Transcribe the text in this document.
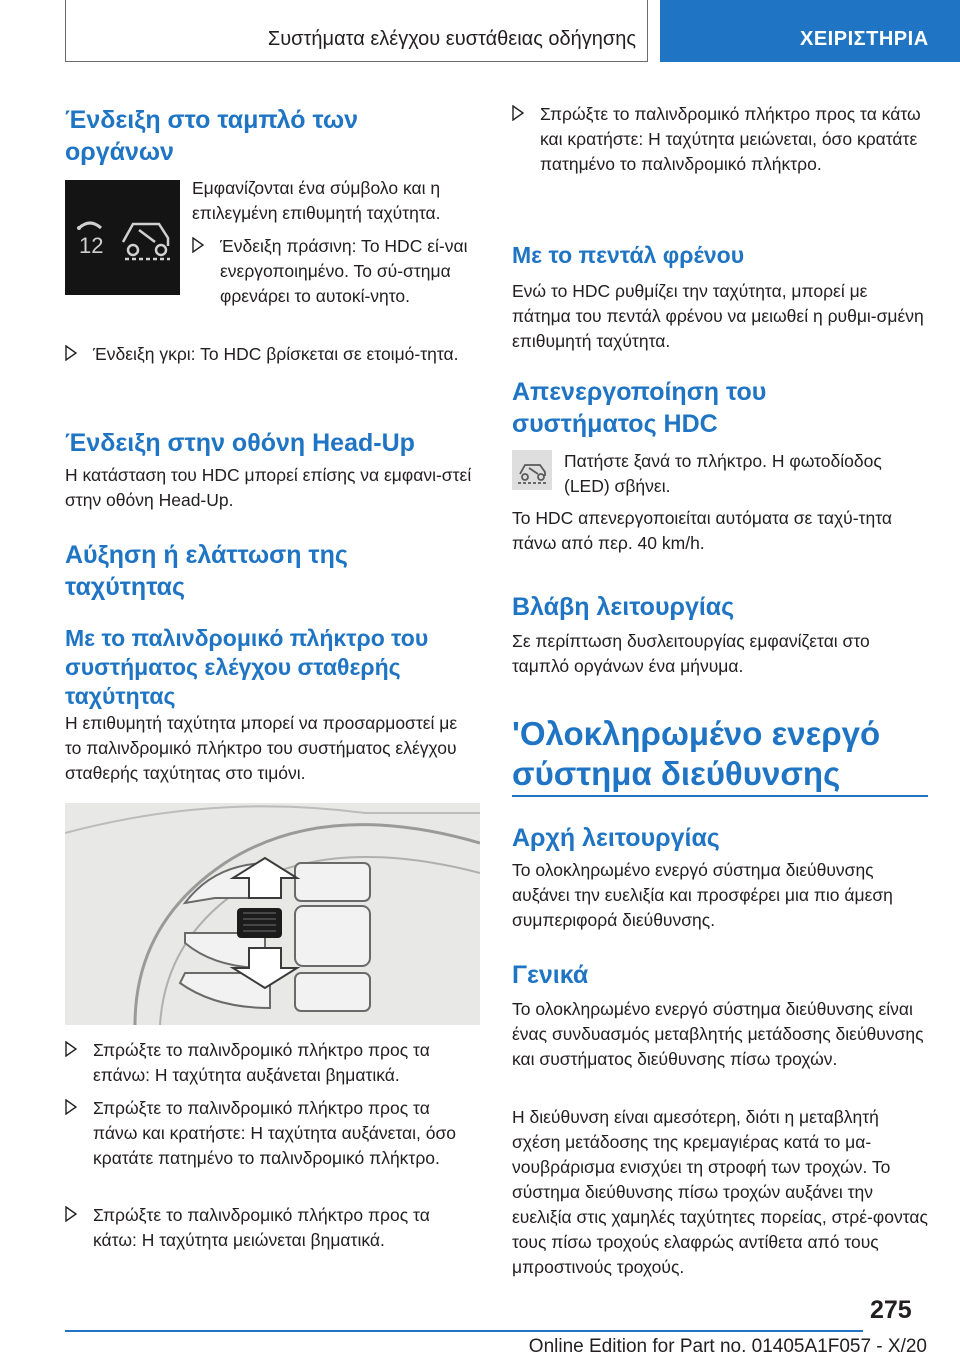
Συστήματα ελέγχου ευστάθειας οδήγησης	ΧΕΙΡΙΣΤΗΡΙΑ
Ένδειξη στο ταμπλό των οργάνων
12

Εμφανίζονται ένα σύμβολο και η επιλεγμένη επιθυμητή ταχύτητα.

Ένδειξη πράσινη: Το HDC εί-ναι ενεργοποιημένο. Το σύ-στημα φρενάρει το αυτοκί-νητο.
Ένδειξη γκρι: Το HDC βρίσκεται σε ετοιμό-τητα.
Ένδειξη στην οθόνη Head-Up

Η κατάσταση του HDC μπορεί επίσης να εμφανι-στεί στην οθόνη Head-Up.

Αύξηση ή ελάττωση της ταχύτητας
Με το παλινδρομικό πλήκτρο του συστήματος ελέγχου σταθερής ταχύτητας

Η επιθυμητή ταχύτητα μπορεί να προσαρμοστεί με το παλινδρομικό πλήκτρο του συστήματος ελέγχου σταθερής ταχύτητας στο τιμόνι.

Σπρώξτε το παλινδρομικό πλήκτρο προς τα επάνω: Η ταχύτητα αυξάνεται βηματικά.
Σπρώξτε το παλινδρομικό πλήκτρο προς τα πάνω και κρατήστε: Η ταχύτητα αυξάνεται, όσο κρατάτε πατημένο το παλινδρομικό πλήκτρο.
Σπρώξτε το παλινδρομικό πλήκτρο προς τα κάτω: Η ταχύτητα μειώνεται βηματικά.
Σπρώξτε το παλινδρομικό πλήκτρο προς τα κάτω και κρατήστε: Η ταχύτητα μειώνεται, όσο κρατάτε πατημένο το παλινδρομικό πλήκτρο.
Με το πεντάλ φρένου

Ενώ το HDC ρυθμίζει την ταχύτητα, μπορεί με πάτημα του πεντάλ φρένου να μειωθεί η ρυθμι-σμένη επιθυμητή ταχύτητα.

Απενεργοποίηση του συστήματος HDC

Πατήστε ξανά το πλήκτρο. Η φωτοδίοδος (LED) σβήνει.

Το HDC απενεργοποιείται αυτόματα σε ταχύ-τητα πάνω από περ. 40 km/h.

Βλάβη λειτουργίας

Σε περίπτωση δυσλειτουργίας εμφανίζεται στο ταμπλό οργάνων ένα μήνυμα.

'Ολοκληρωμένο ενεργό σύστημα διεύθυνσης
Αρχή λειτουργίας

Το ολοκληρωμένο ενεργό σύστημα διεύθυνσης αυξάνει την ευελιξία και προσφέρει μια πιο άμεση συμπεριφορά διεύθυνσης.

Γενικά

Το ολοκληρωμένο ενεργό σύστημα διεύθυνσης είναι ένας συνδυασμός μεταβλητής μετάδοσης διεύθυνσης και συστήματος διεύθυνσης πίσω τροχών.

Η διεύθυνση είναι αμεσότερη, διότι η μεταβλητή σχέση μετάδοσης της κρεμαγιέρας κατά το μα-νουβράρισμα ενισχύει τη στροφή των τροχών. Το σύστημα διεύθυνσης πίσω τροχών αυξάνει την ευελιξία στις χαμηλές ταχύτητες πορείας, στρέ-φοντας τους πίσω τροχούς ελαφρώς αντίθετα από τους μπροστινούς τροχούς.

275
Online Edition for Part no. 01405A1F057 - X/20
